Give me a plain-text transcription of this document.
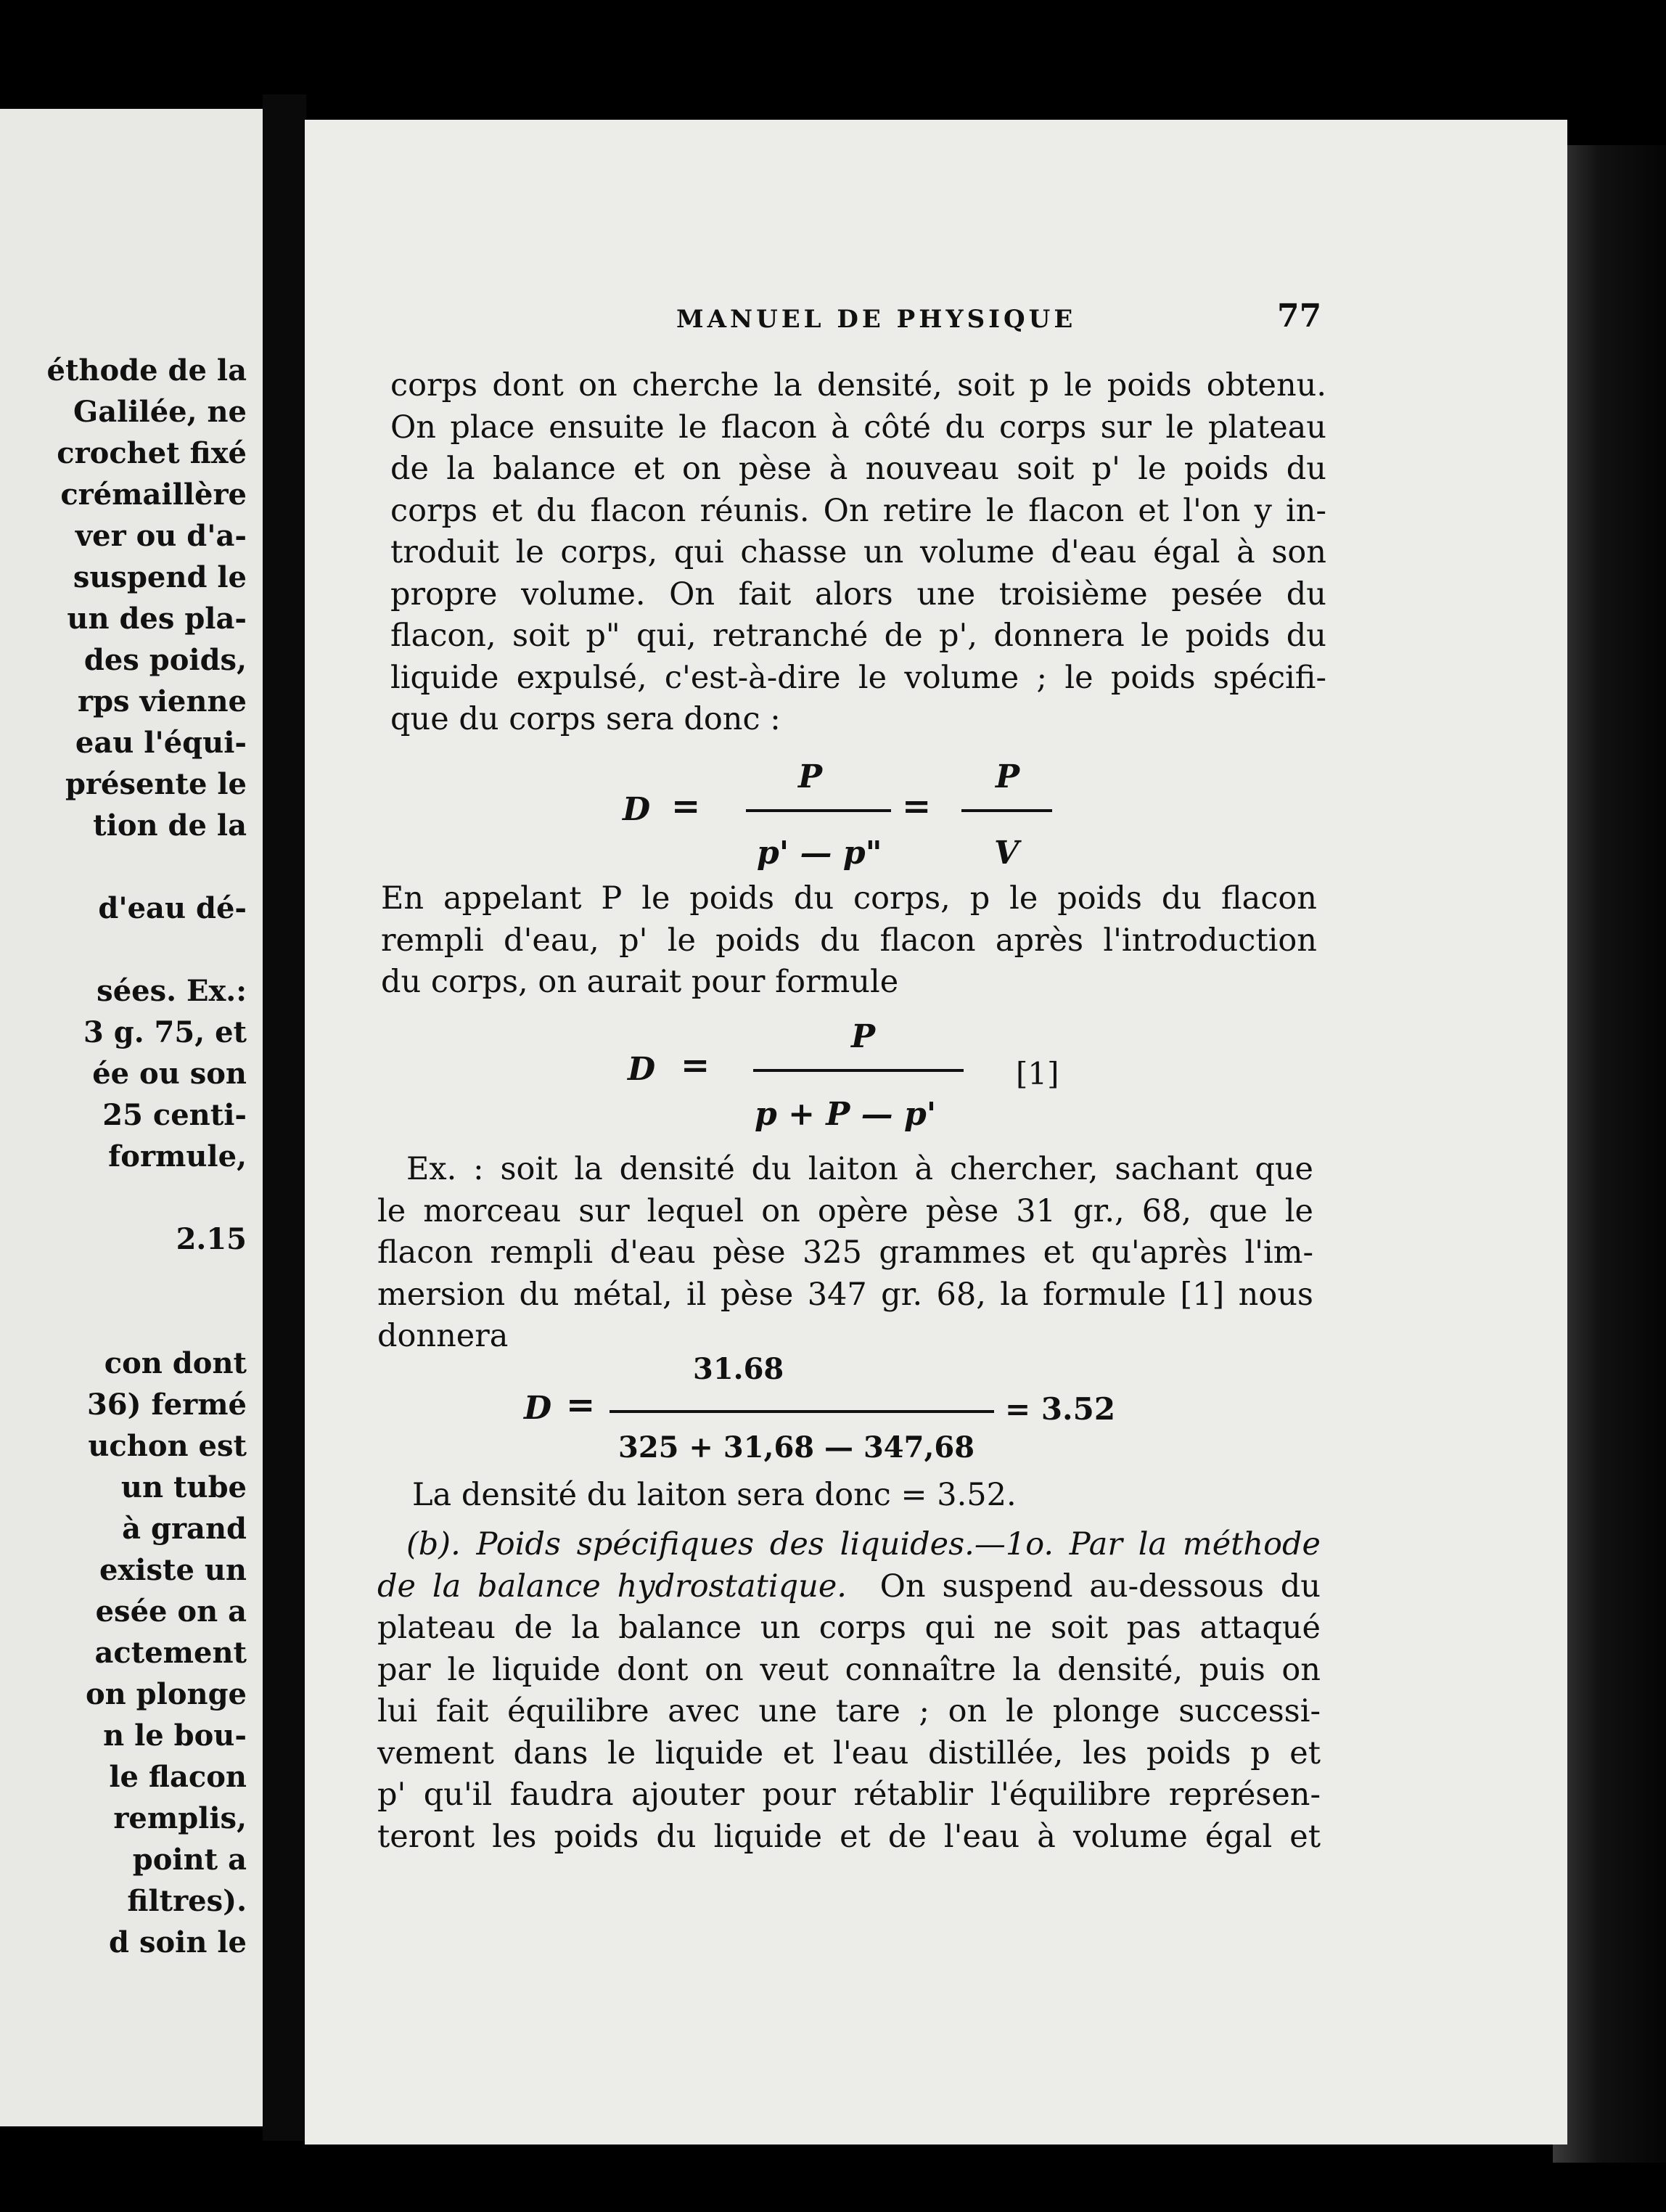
éthode de la
Galilée, ne
crochet fixé
crémaillère
ver ou d'a-
suspend le
un des pla-
des poids,
rps vienne
eau l'équi-
présente le
tion de la
d'eau dé-
sées. Ex.:
3 g. 75, et
ée ou son
25 centi-
formule,
2.15
con dont
36) fermé
uchon est
un tube
à grand
existe un
esée on a
actement
on plonge
n le bou-
le flacon
remplis,
point a
filtres).
d soin le
MANUEL DE PHYSIQUE	77
corps dont on cherche la densité, soit p le poids obtenu.
On place ensuite le flacon à côté du corps sur le plateau
de la balance et on pèse à nouveau soit p' le poids du
corps et du flacon réunis. On retire le flacon et l'on y in-
troduit le corps, qui chasse un volume d'eau égal à son
propre volume. On fait alors une troisième pesée du
flacon, soit p" qui, retranché de p', donnera le poids du
liquide expulsé, c'est-à-dire le volume ; le poids spécifi-
que du corps sera donc :
D =
P
p' — p"
=
P
V
En appelant P le poids du corps, p le poids du flacon
rempli d'eau, p' le poids du flacon après l'introduction
du corps, on aurait pour formule
D =
P
p + P — p'
[1]
Ex. : soit la densité du laiton à chercher, sachant que
le morceau sur lequel on opère pèse 31 gr., 68, que le
flacon rempli d'eau pèse 325 grammes et qu'après l'im-
mersion du métal, il pèse 347 gr. 68, la formule [1] nous
donnera
D =
31.68
325 + 31,68 — 347,68
= 3.52
La densité du laiton sera donc = 3.52.
(b). Poids spécifiques des liquides.—1o. Par la méthode
de la balance hydrostatique. On suspend au-dessous du
plateau de la balance un corps qui ne soit pas attaqué
par le liquide dont on veut connaître la densité, puis on
lui fait équilibre avec une tare ; on le plonge successi-
vement dans le liquide et l'eau distillée, les poids p et
p' qu'il faudra ajouter pour rétablir l'équilibre représen-
teront les poids du liquide et de l'eau à volume égal et
